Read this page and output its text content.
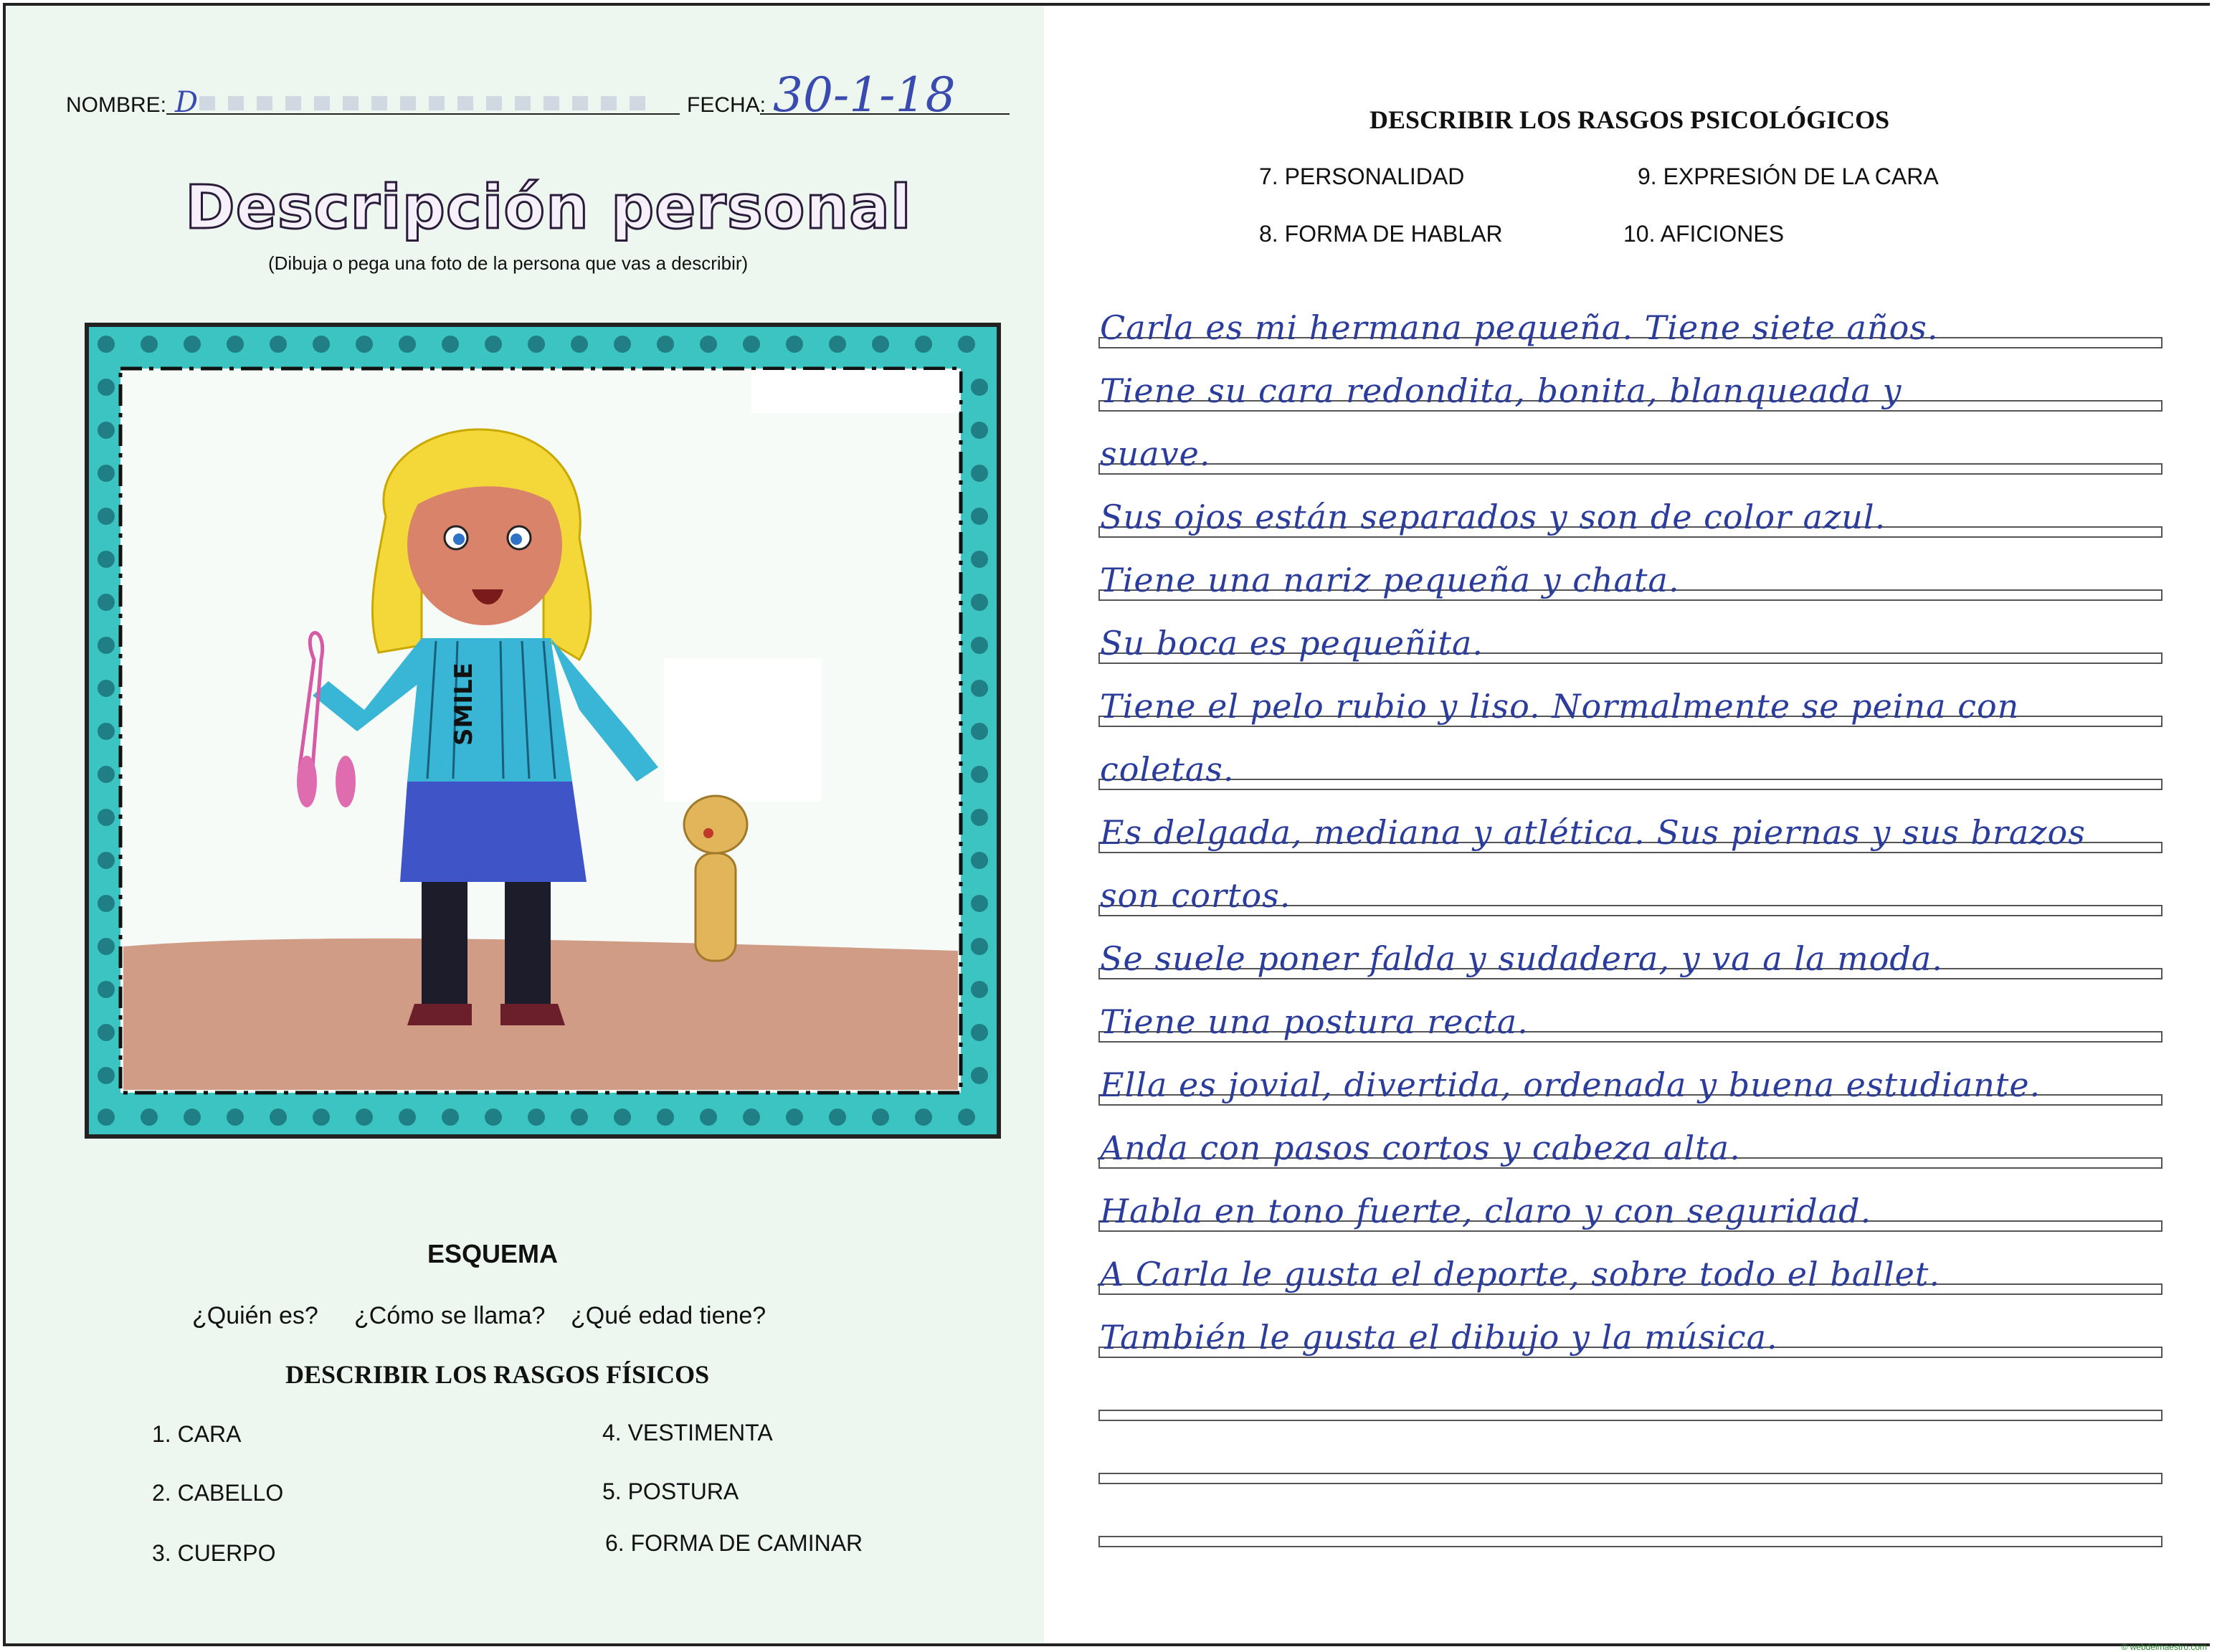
NOMBRE: D	FECHA: 30-1-18
Descripción personal
(Dibuja o pega una foto de la persona que vas a describir)
SMILE
ESQUEMA
¿Quién es? ¿Cómo se llama? ¿Qué edad tiene?
DESCRIBIR LOS RASGOS FÍSICOS
1. CARA
2. CABELLO
3. CUERPO
4. VESTIMENTA
5. POSTURA
6. FORMA DE CAMINAR
DESCRIBIR LOS RASGOS PSICOLÓGICOS
7. PERSONALIDAD
8. FORMA DE HABLAR
9. EXPRESIÓN DE LA CARA
10. AFICIONES
Carla es mi hermana pequeña. Tiene siete años.
Tiene su cara redondita, bonita, blanqueada y
suave.
Sus ojos están separados y son de color azul.
Tiene una nariz pequeña y chata.
Su boca es pequeñita.
Tiene el pelo rubio y liso. Normalmente se peina con
coletas.
Es delgada, mediana y atlética. Sus piernas y sus brazos
son cortos.
Se suele poner falda y sudadera, y va a la moda.
Tiene una postura recta.
Ella es jovial, divertida, ordenada y buena estudiante.
Anda con pasos cortos y cabeza alta.
Habla en tono fuerte, claro y con seguridad.
A Carla le gusta el deporte, sobre todo el ballet.
También le gusta el dibujo y la música.
© webdelmaestro.com
